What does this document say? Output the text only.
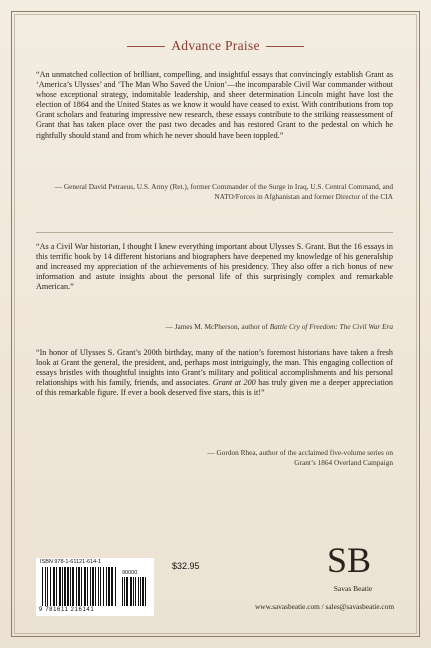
Advance Praise
“An unmatched collection of brilliant, compelling, and insightful essays that convincingly establish Grant as ‘America’s Ulysses’ and ‘The Man Who Saved the Union’—the incomparable Civil War commander without whose exceptional strategy, indomitable leadership, and sheer determination Lincoln might have lost the election of 1864 and the United States as we know it would have ceased to exist. With contributions from top Grant scholars and featuring impressive new research, these essays contribute to the striking reassessment of Grant that has taken place over the past two decades and has restored Grant to the pedestal on which he rightfully should stand and from which he never should have been toppled.”
— General David Petraeus, U.S. Army (Ret.), former Commander of the Surge in Iraq, U.S. Central Command, and NATO/Forces in Afghanistan and former Director of the CIA
“As a Civil War historian, I thought I knew everything important about Ulysses S. Grant. But the 16 essays in this terrific book by 14 different historians and biographers have deepened my knowledge of his generalship and increased my appreciation of the achievements of his presidency. They also offer a rich bonus of new information and astute insights about the personal life of this surprisingly complex and remarkable American.”
— James M. McPherson, author of Battle Cry of Freedom: The Civil War Era
“In honor of Ulysses S. Grant’s 200th birthday, many of the nation’s foremost historians have taken a fresh look at Grant the general, the president, and, perhaps most intriguingly, the man. This engaging collection of essays bristles with thoughtful insights into Grant’s military and political accomplishments and his personal relationships with his family, friends, and associates. Grant at 200 has truly given me a deeper appreciation of this remarkable figure. If ever a book deserved five stars, this is it!”
— Gordon Rhea, author of the acclaimed five-volume series on
Grant’s 1864 Overland Campaign
ISBN 978-1-61121-614-1
90000
9 781611 216141
$32.95	SB
Savas Beatie
www.savasbeatie.com / sales@savasbeatie.com
